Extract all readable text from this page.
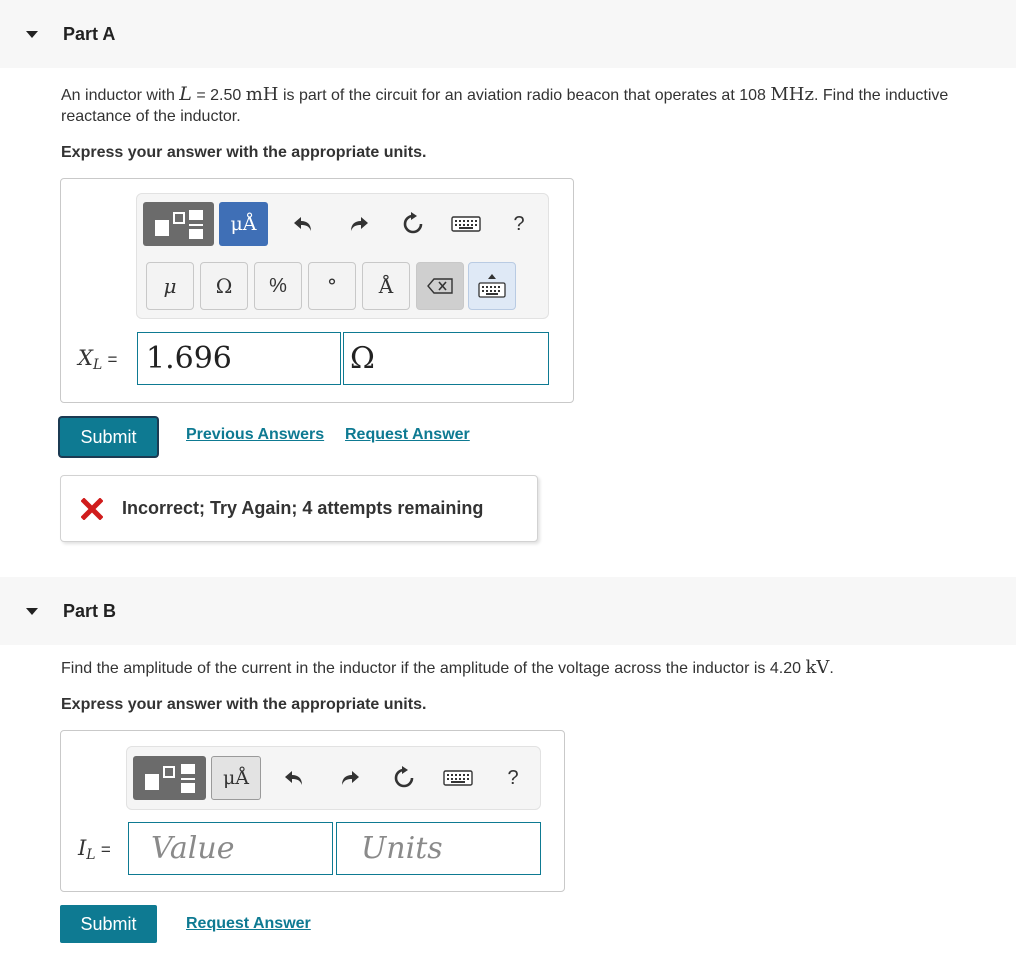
Part A
An inductor with L = 2.50 mH is part of the circuit for an aviation radio beacon that operates at 108 MHz. Find the inductive reactance of the inductor.
Express your answer with the appropriate units.
μÅ	?
μ	Ω	%	°	Å
$X_L = 1.696$	Ω
Submit	Previous Answers Request Answer
Incorrect; Try Again; 4 attempts remaining
Part B
Find the amplitude of the current in the inductor if the amplitude of the voltage across the inductor is 4.20 kV.
Express your answer with the appropriate units.
μÅ	?
$I_L$ =	Value	Units
Submit	Request Answer
